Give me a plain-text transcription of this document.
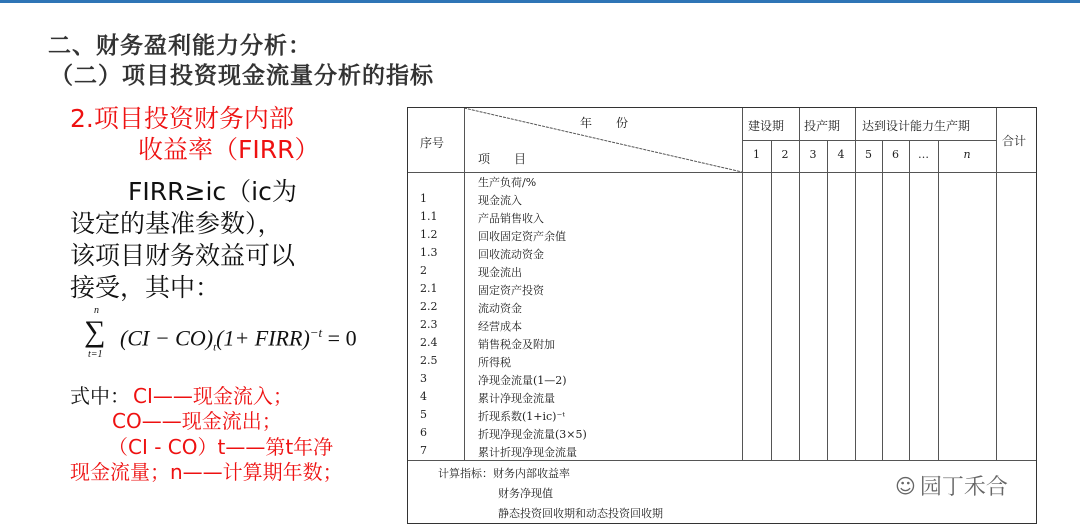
二、财务盈利能力分析：
（二）项目投资现金流量分析的指标
2.项目投资财务内部
收益率（FIRR）
FIRR≥ic（ic为
设定的基准参数），
该项目财务效益可以
接受，其中：
n
∑
t=1
$(CI - CO)_t(1+$ FIRR)$^{-t}$ = 0
式中： CI——现金流入；
CO——现金流出；
（CI - CO）t——第t年净
现金流量；n——计算期年数；
年　　份
项　　目
序号
建设期 投产期 达到设计能力生产期
合计
1	2	3	4	5	6	…	n
生产负荷/%
1	现金流入
1.1	产品销售收入
1.2	回收固定资产余值
1.3	回收流动资金
2	现金流出
2.1	固定资产投资
2.2	流动资金
2.3	经营成本
2.4	销售税金及附加
2.5	所得税
3	净现金流量(1—2)
4	累计净现金流量
5	折现系数(1+ic)⁻ᵗ
6	折现净现金流量(3×5)
7	累计折现净现金流量
计算指标：财务内部收益率
财务净现值
静态投资回收期和动态投资回收期
☺ 园丁禾合
